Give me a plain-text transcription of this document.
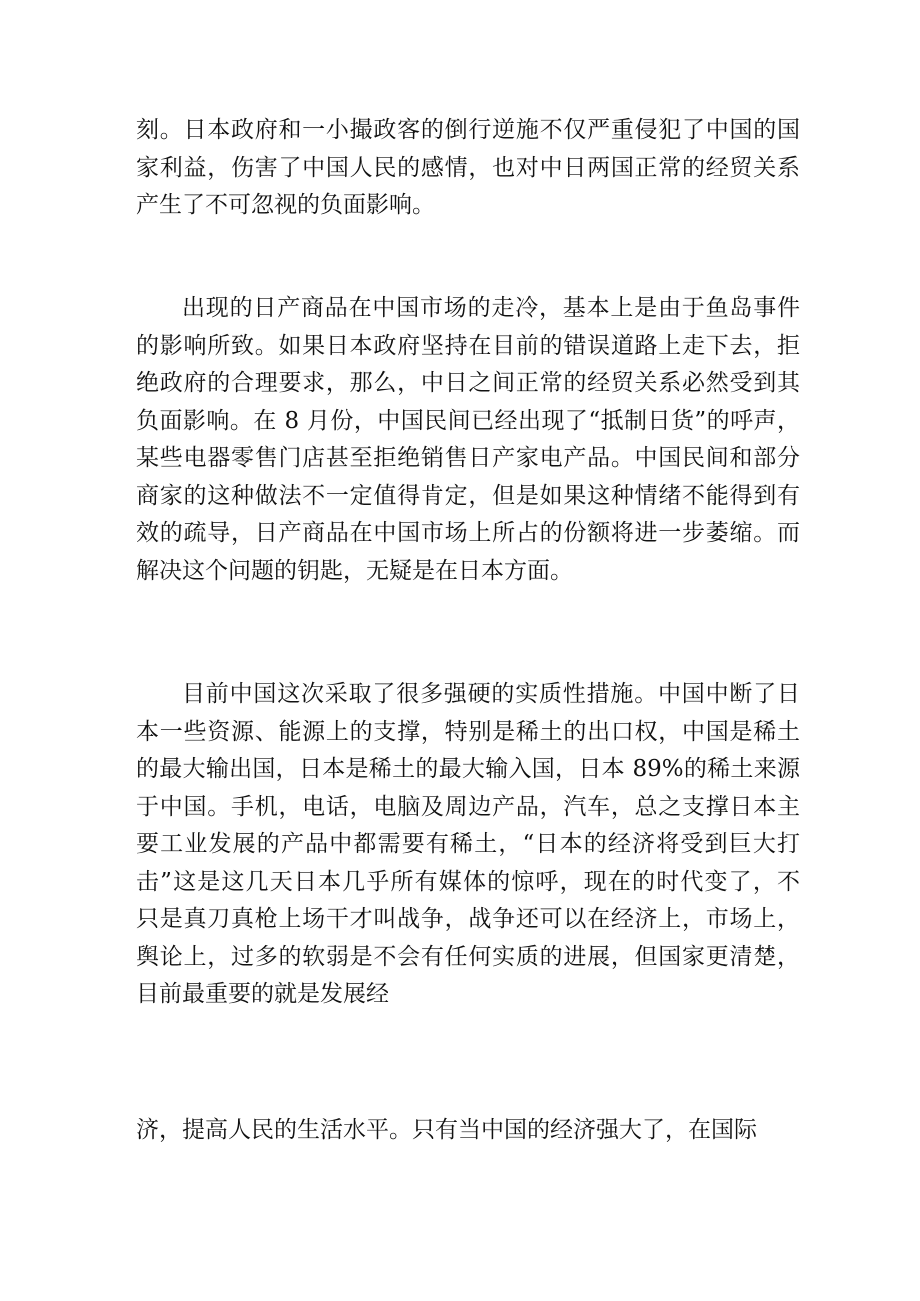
刻。日本政府和一小撮政客的倒行逆施不仅严重侵犯了中国的国
家利益，伤害了中国人民的感情，也对中日两国正常的经贸关系
产生了不可忽视的负面影响。
出现的日产商品在中国市场的走冷，基本上是由于鱼岛事件
的影响所致。如果日本政府坚持在目前的错误道路上走下去，拒
绝政府的合理要求，那么，中日之间正常的经贸关系必然受到其
负面影响。在 8 月份，中国民间已经出现了“抵制日货”的呼声，
某些电器零售门店甚至拒绝销售日产家电产品。中国民间和部分
商家的这种做法不一定值得肯定，但是如果这种情绪不能得到有
效的疏导，日产商品在中国市场上所占的份额将进一步萎缩。而
解决这个问题的钥匙，无疑是在日本方面。
目前中国这次采取了很多强硬的实质性措施。中国中断了日
本一些资源、能源上的支撑，特别是稀土的出口权，中国是稀土
的最大输出国，日本是稀土的最大输入国，日本 89%的稀土来源
于中国。手机，电话，电脑及周边产品，汽车，总之支撑日本主
要工业发展的产品中都需要有稀土，“日本的经济将受到巨大打
击”这是这几天日本几乎所有媒体的惊呼，现在的时代变了，不
只是真刀真枪上场干才叫战争，战争还可以在经济上，市场上，
舆论上，过多的软弱是不会有任何实质的进展，但国家更清楚，
目前最重要的就是发展经
济，提高人民的生活水平。只有当中国的经济强大了，在国际
